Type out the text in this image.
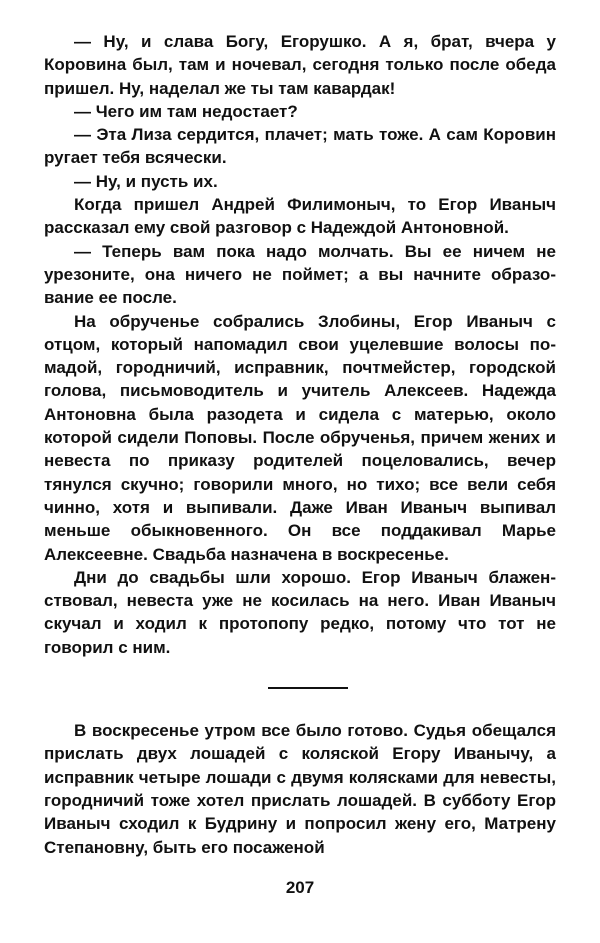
— Ну, и слава Богу, Егорушко. А я, брат, вчера у Коровина был, там и ночевал, сегодня только после обеда пришел. Ну, наделал же ты там кавардак!

— Чего им там недостает?

— Эта Лиза сердится, плачет; мать тоже. А сам Коровин ругает тебя всячески.

— Ну, и пусть их.

Когда пришел Андрей Филимоныч, то Егор Иваныч рассказал ему свой разговор с Надеждой Антоновной.

— Теперь вам пока надо молчать. Вы ее ничем не урезоните, она ничего не поймет; а вы начните образование ее после.

На обрученье собрались Злобины, Егор Иваныч с отцом, который напомадил свои уцелевшие волосы помадой, городничий, исправник, почтмейстер, городской голова, письмоводитель и учитель Алексеев. Надежда Антоновна была разодета и сидела с матерью, около которой сидели Поповы. После обрученья, причем жених и невеста по приказу родителей поцеловались, вечер тянулся скучно; говорили много, но тихо; все вели себя чинно, хотя и выпивали. Даже Иван Иваныч выпивал меньше обыкновенного. Он все поддакивал Марье Алексеевне. Свадьба назначена в воскресенье.

Дни до свадьбы шли хорошо. Егор Иваныч блаженствовал, невеста уже не косилась на него. Иван Иваныч скучал и ходил к протопопу редко, потому что тот не говорил с ним.

В воскресенье утром все было готово. Судья обещался прислать двух лошадей с коляской Егору Иванычу, а исправник четыре лошади с двумя колясками для невесты, городничий тоже хотел прислать лошадей. В субботу Егор Иваныч сходил к Будрину и попросил жену его, Матрену Степановну, быть его посаженой

207
